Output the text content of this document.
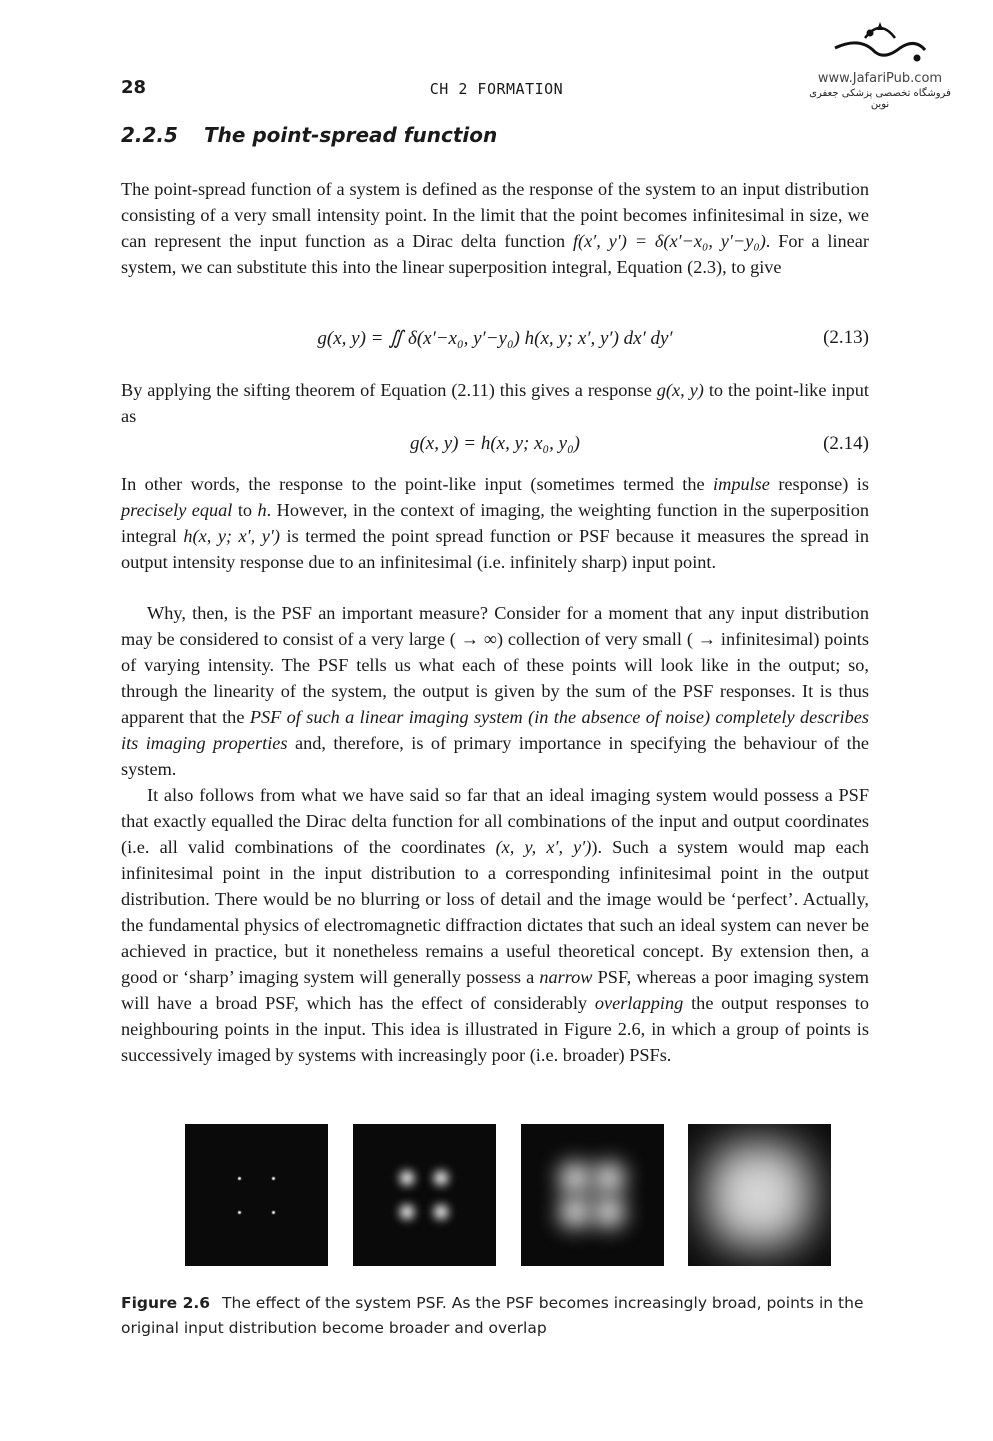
28	CH 2 FORMATION
www.JafariPub.com
فروشگاه تخصصی پزشکی جعفری نوین
2.2.5 The point-spread function

The point-spread function of a system is defined as the response of the system to an input distribution consisting of a very small intensity point. In the limit that the point becomes infinitesimal in size, we can represent the input function as a Dirac delta function f(x′, y′) = δ(x′−x₀, y′−y₀). For a linear system, we can substitute this into the linear superposition integral, Equation (2.3), to give

g(x, y) = ∬ δ(x′−x₀, y′−y₀) h(x, y; x′, y′) dx′ dy′	(2.13)

By applying the sifting theorem of Equation (2.11) this gives a response g(x, y) to the point-like input as

g(x, y) = h(x, y; x₀, y₀)	(2.14)

In other words, the response to the point-like input (sometimes termed the impulse response) is precisely equal to h. However, in the context of imaging, the weighting function in the superposition integral h(x, y; x′, y′) is termed the point spread function or PSF because it measures the spread in output intensity response due to an infinitesimal (i.e. infinitely sharp) input point.

Why, then, is the PSF an important measure? Consider for a moment that any input distribution may be considered to consist of a very large ( → ∞) collection of very small ( → infinitesimal) points of varying intensity. The PSF tells us what each of these points will look like in the output; so, through the linearity of the system, the output is given by the sum of the PSF responses. It is thus apparent that the PSF of such a linear imaging system (in the absence of noise) completely describes its imaging properties and, therefore, is of primary importance in specifying the behaviour of the system.

It also follows from what we have said so far that an ideal imaging system would possess a PSF that exactly equalled the Dirac delta function for all combinations of the input and output coordinates (i.e. all valid combinations of the coordinates (x, y, x′, y′)). Such a system would map each infinitesimal point in the input distribution to a corresponding infinitesimal point in the output distribution. There would be no blurring or loss of detail and the image would be ‘perfect’. Actually, the fundamental physics of electromagnetic diffraction dictates that such an ideal system can never be achieved in practice, but it nonetheless remains a useful theoretical concept. By extension then, a good or ‘sharp’ imaging system will generally possess a narrow PSF, whereas a poor imaging system will have a broad PSF, which has the effect of considerably overlapping the output responses to neighbouring points in the input. This idea is illustrated in Figure 2.6, in which a group of points is successively imaged by systems with increasingly poor (i.e. broader) PSFs.

Figure 2.6 The effect of the system PSF. As the PSF becomes increasingly broad, points in the original input distribution become broader and overlap
